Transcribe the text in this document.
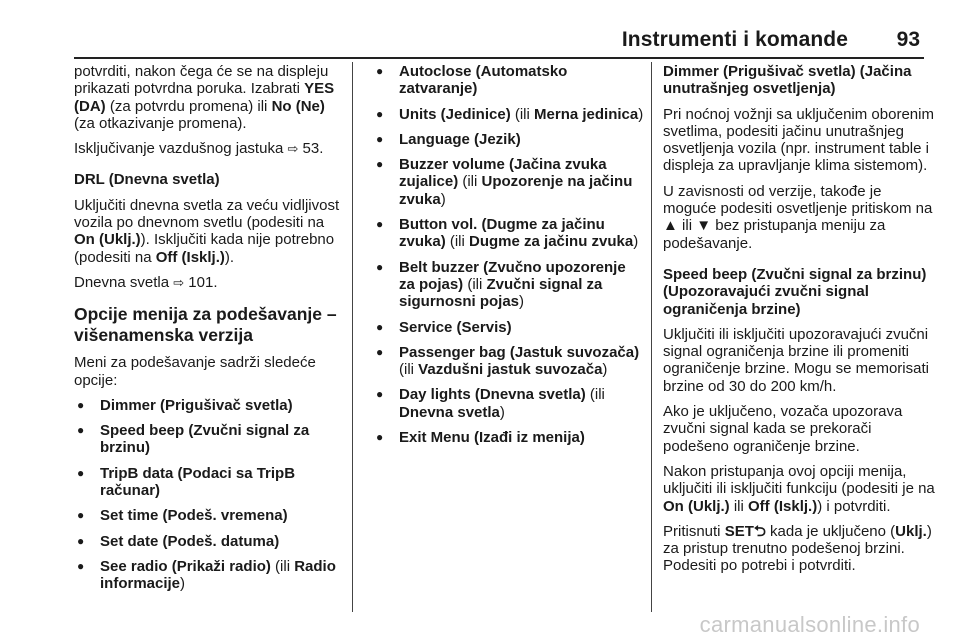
Instrumenti i komande 93

potvrditi, nakon čega će se na displeju prikazati potvrdna poruka. Izabrati YES (DA) (za potvrdu promena) ili No (Ne) (za otkazivanje promena).

Isključivanje vazdušnog jastuka ⇨ 53.

DRL (Dnevna svetla)

Uključiti dnevna svetla za veću vidljivost vozila po dnevnom svetlu (podesiti na On (Uklj.)). Isključiti kada nije potrebno (podesiti na Off (Isklj.)).

Dnevna svetla ⇨ 101.

Opcije menija za podešavanje – višenamenska verzija

Meni za podešavanje sadrži sledeće opcije:

● Dimmer (Prigušivač svetla)
● Speed beep (Zvučni signal za brzinu)
● TripB data (Podaci sa TripB računar)
● Set time (Podeš. vremena)
● Set date (Podeš. datuma)
● See radio (Prikaži radio) (ili Radio informacije)
● Autoclose (Automatsko zatvaranje)
● Units (Jedinice) (ili Merna jedinica)
● Language (Jezik)
● Buzzer volume (Jačina zvuka zujalice) (ili Upozorenje na jačinu zvuka)
● Button vol. (Dugme za jačinu zvuka) (ili Dugme za jačinu zvuka)
● Belt buzzer (Zvučno upozorenje za pojas) (ili Zvučni signal za sigurnosni pojas)
● Service (Servis)
● Passenger bag (Jastuk suvozača) (ili Vazdušni jastuk suvozača)
● Day lights (Dnevna svetla) (ili Dnevna svetla)
● Exit Menu (Izađi iz menija)

Dimmer (Prigušivač svetla) (Jačina unutrašnjeg osvetljenja)

Pri noćnoj vožnji sa uključenim oborenim svetlima, podesiti jačinu unutrašnjeg osvetljenja vozila (npr. instrument table i displeja za upravljanje klima sistemom).

U zavisnosti od verzije, takođe je moguće podesiti osvetljenje pritiskom na ▲ ili ▼ bez pristupanja meniju za podešavanje.

Speed beep (Zvučni signal za brzinu) (Upozoravajući zvučni signal ograničenja brzine)

Uključiti ili isključiti upozoravajući zvučni signal ograničenja brzine ili promeniti ograničenje brzine. Mogu se memorisati brzine od 30 do 200 km/h.

Ako je uključeno, vozača upozorava zvučni signal kada se prekorači podešeno ograničenje brzine.

Nakon pristupanja ovoj opciji menija, uključiti ili isključiti funkciju (podesiti je na On (Uklj.) ili Off (Isklj.)) i potvrditi.

Pritisnuti SET⮌ kada je uključeno (Uklj.) za pristup trenutno podešenoj brzini. Podesiti po potrebi i potvrditi.

carmanualsonline.info
